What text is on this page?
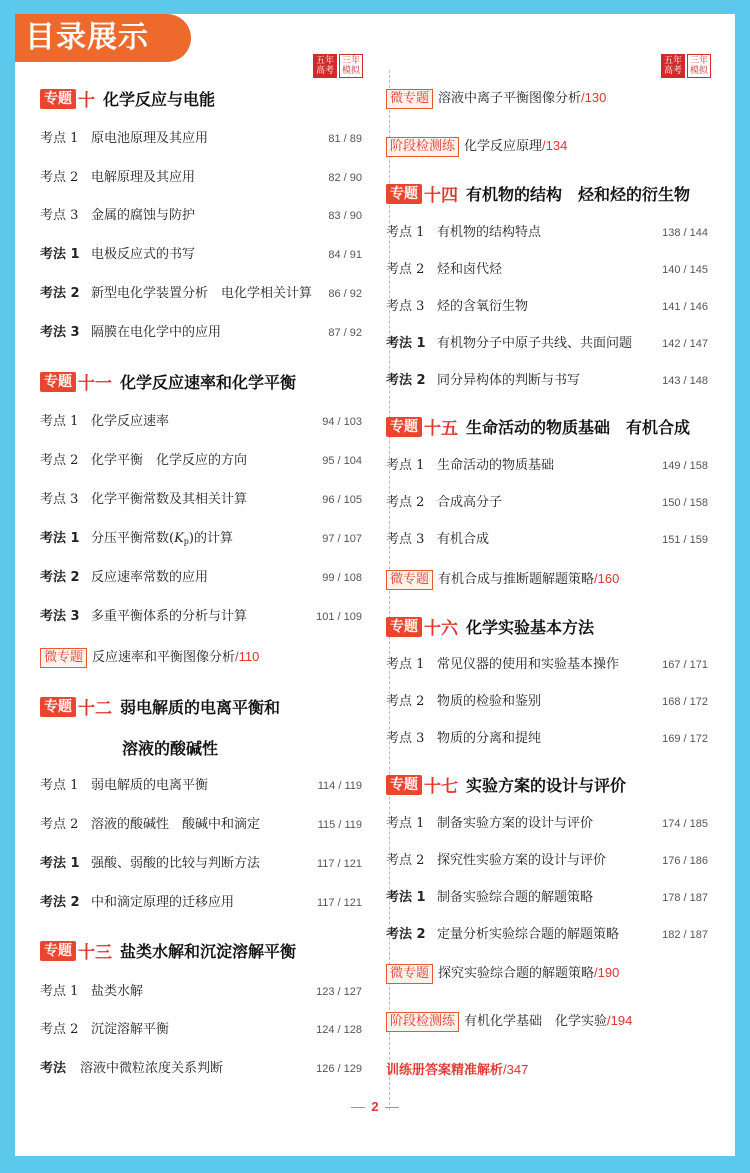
目录展示
五年高考
三年模拟
五年高考
三年模拟
专题 十 化学反应与电能
考点 1 原电池原理及其应用	81 / 89
考点 2 电解原理及其应用	82 / 90
考点 3 金属的腐蚀与防护	83 / 90
考法 1 电极反应式的书写	84 / 91
考法 2 新型电化学装置分析　电化学相关计算 86 / 92
考法 3 隔膜在电化学中的应用	87 / 92
专题 十一 化学反应速率和化学平衡
考点 1 化学反应速率	94 / 103
考点 2 化学平衡　化学反应的方向	95 / 104
考点 3 化学平衡常数及其相关计算	96 / 105
考法 1 分压平衡常数$(K_p)$的计算	97 / 107
考法 2 反应速率常数的应用	99 / 108
考法 3 多重平衡体系的分析与计算	101 / 109
微专题 反应速率和平衡图像分析/110
专题 十二 弱电解质的电离平衡和
溶液的酸碱性
考点 1 弱电解质的电离平衡	114 / 119
考点 2 溶液的酸碱性　酸碱中和滴定	115 / 119
考法 1 强酸、弱酸的比较与判断方法	117 / 121
考法 2 中和滴定原理的迁移应用	117 / 121
专题 十三 盐类水解和沉淀溶解平衡
考点 1 盐类水解	123 / 127
考点 2 沉淀溶解平衡	124 / 128
考法 溶液中微粒浓度关系判断	126 / 129
微专题 溶液中离子平衡图像分析/130
阶段检测练 化学反应原理/134
专题 十四 有机物的结构　烃和烃的衍生物
考点 1 有机物的结构特点	138 / 144
考点 2 烃和卤代烃	140 / 145
考点 3 烃的含氧衍生物	141 / 146
考法 1 有机物分子中原子共线、共面问题	142 / 147
考法 2 同分异构体的判断与书写	143 / 148
专题 十五 生命活动的物质基础　有机合成
考点 1 生命活动的物质基础	149 / 158
考点 2 合成高分子	150 / 158
考点 3 有机合成	151 / 159
微专题 有机合成与推断题解题策略/160
专题 十六 化学实验基本方法
考点 1 常见仪器的使用和实验基本操作	167 / 171
考点 2 物质的检验和鉴别	168 / 172
考点 3 物质的分离和提纯	169 / 172
专题 十七 实验方案的设计与评价
考点 1 制备实验方案的设计与评价	174 / 185
考点 2 探究性实验方案的设计与评价	176 / 186
考法 1 制备实验综合题的解题策略	178 / 187
考法 2 定量分析实验综合题的解题策略	182 / 187
微专题 探究实验综合题的解题策略/190
阶段检测练 有机化学基础　化学实验/194
训练册答案精准解析/347
2
